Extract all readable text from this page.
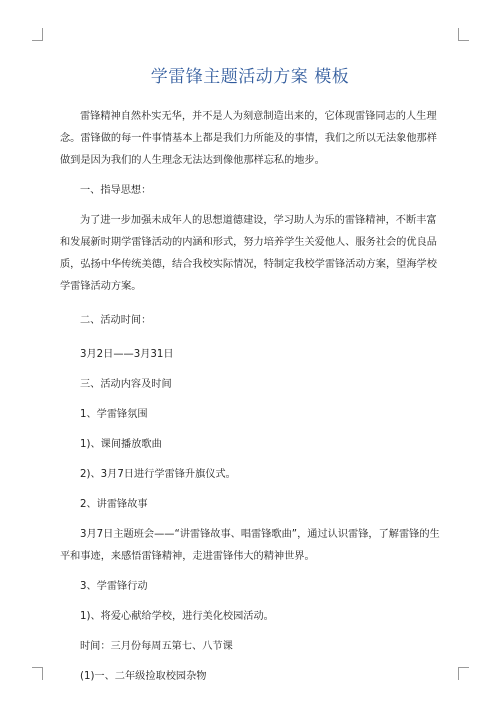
学雷锋主题活动方案 模板

雷锋精神自然朴实无华，并不是人为刻意制造出来的，它体现雷锋同志的人生理念。雷锋做的每一件事情基本上都是我们力所能及的事情，我们之所以无法象他那样做到是因为我们的人生理念无法达到像他那样忘私的地步。

一、指导思想：

为了进一步加强未成年人的思想道德建设，学习助人为乐的雷锋精神，不断丰富和发展新时期学雷锋活动的内涵和形式，努力培养学生关爱他人、服务社会的优良品质，弘扬中华传统美德，结合我校实际情况，特制定我校学雷锋活动方案，望海学校学雷锋活动方案。

二、活动时间：

3月2日——3月31日

三、活动内容及时间

1、学雷锋氛围

1)、课间播放歌曲

2)、3月7日进行学雷锋升旗仪式。

2、讲雷锋故事

3月7日主题班会——“讲雷锋故事、唱雷锋歌曲”，通过认识雷锋，了解雷锋的生平和事迹，来感悟雷锋精神，走进雷锋伟大的精神世界。

3、学雷锋行动

1)、将爱心献给学校，进行美化校园活动。

时间：三月份每周五第七、八节课

(1)一、二年级捡取校园杂物
